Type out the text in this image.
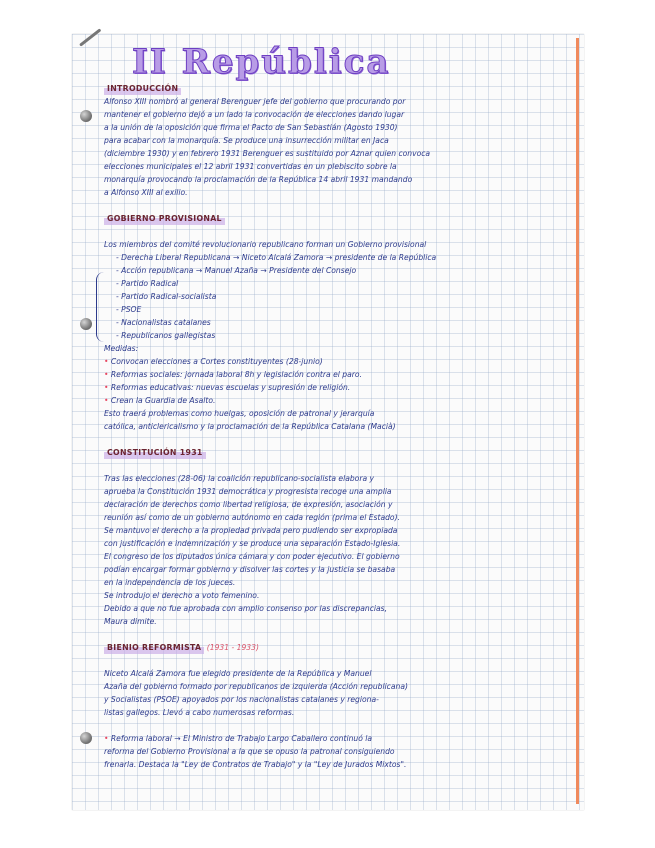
II República
INTRODUCCIÓN

Alfonso XIII nombró al general Berenguer jefe del gobierno que procurando por

mantener el gobierno dejó a un lado la convocación de elecciones dando lugar

a la unión de la oposición que firma el Pacto de San Sebastián (Agosto 1930)

para acabar con la monarquía. Se produce una insurrección militar en Jaca

(diciembre 1930) y en febrero 1931 Berenguer es sustituido por Aznar quien convoca

elecciones municipales el 12 abril 1931 convertidas en un plebiscito sobre la

monarquía provocando la proclamación de la República 14 abril 1931 mandando

a Alfonso XIII al exilio.

GOBIERNO PROVISIONAL

Los miembros del comité revolucionario republicano forman un Gobierno provisional

- Derecha Liberal Republicana → Niceto Alcalá Zamora → presidente de la República
- Acción republicana → Manuel Azaña → Presidente del Consejo
- Partido Radical
- Partido Radical-socialista
- PSOE
- Nacionalistas catalanes
- Republicanos gallegistas

Medidas:

• Convocan elecciones a Cortes constituyentes (28-junio)

• Reformas sociales: jornada laboral 8h y legislación contra el paro.

• Reformas educativas: nuevas escuelas y supresión de religión.

• Crean la Guardia de Asalto.

Esto traerá problemas como huelgas, oposición de patronal y jerarquía

católica, anticlericalismo y la proclamación de la República Catalana (Macià)

CONSTITUCIÓN 1931

Tras las elecciones (28-06) la coalición republicano-socialista elabora y

aprueba la Constitución 1931 democrática y progresista recoge una amplia

declaración de derechos como libertad religiosa, de expresión, asociación y

reunión así como de un gobierno autónomo en cada región (prima el Estado).

Se mantuvo el derecho a la propiedad privada pero pudiendo ser expropiada

con justificación e indemnización y se produce una separación Estado-Iglesia.

El congreso de los diputados única cámara y con poder ejecutivo. El gobierno

podían encargar formar gobierno y disolver las cortes y la justicia se basaba

en la independencia de los jueces.

Se introdujo el derecho a voto femenino.

Debido a que no fue aprobada con amplio consenso por las discrepancias,

Maura dimite.

BIENIO REFORMISTA (1931 - 1933)

Niceto Alcalá Zamora fue elegido presidente de la República y Manuel

Azaña del gobierno formado por republicanos de izquierda (Acción republicana)

y Socialistas (PSOE) apoyados por los nacionalistas catalanes y regiona-

listas gallegos. Llevó a cabo numerosas reformas.

• Reforma laboral → El Ministro de Trabajo Largo Caballero continuó la

reforma del Gobierno Provisional a la que se opuso la patronal consiguiendo

frenarla. Destaca la "Ley de Contratos de Trabajo" y la "Ley de Jurados Mixtos".
